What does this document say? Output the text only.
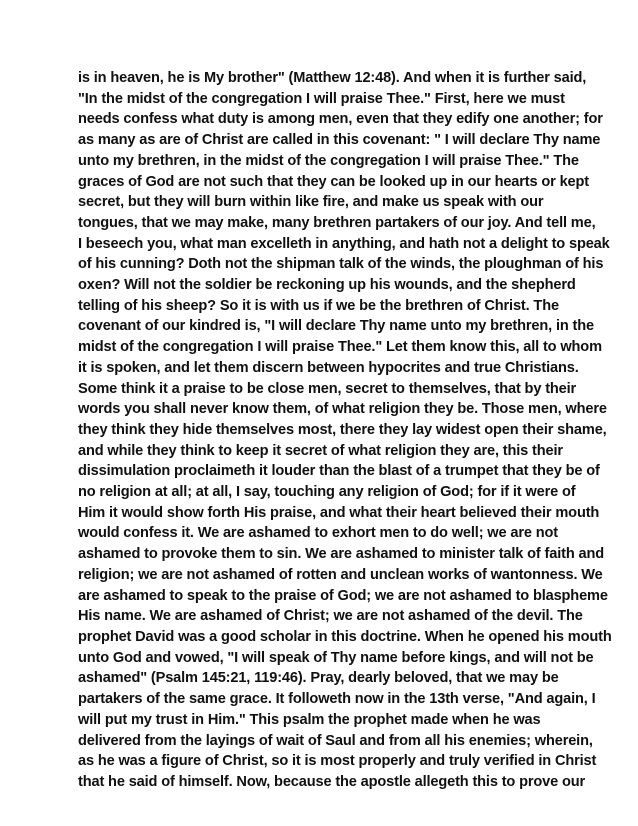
is in heaven, he is My brother" (Matthew 12:48). And when it is further said,
"In the midst of the congregation I will praise Thee." First, here we must
needs confess what duty is among men, even that they edify one another; for
as many as are of Christ are called in this covenant: " I will declare Thy name
unto my brethren, in the midst of the congregation I will praise Thee." The
graces of God are not such that they can be looked up in our hearts or kept
secret, but they will burn within like fire, and make us speak with our
tongues, that we may make, many brethren partakers of our joy. And tell me,
I beseech you, what man excelleth in anything, and hath not a delight to speak
of his cunning? Doth not the shipman talk of the winds, the ploughman of his
oxen? Will not the soldier be reckoning up his wounds, and the shepherd
telling of his sheep? So it is with us if we be the brethren of Christ. The
covenant of our kindred is, "I will declare Thy name unto my brethren, in the
midst of the congregation I will praise Thee." Let them know this, all to whom
it is spoken, and let them discern between hypocrites and true Christians.
Some think it a praise to be close men, secret to themselves, that by their
words you shall never know them, of what religion they be. Those men, where
they think they hide themselves most, there they lay widest open their shame,
and while they think to keep it secret of what religion they are, this their
dissimulation proclaimeth it louder than the blast of a trumpet that they be of
no religion at all; at all, I say, touching any religion of God; for if it were of
Him it would show forth His praise, and what their heart believed their mouth
would confess it. We are ashamed to exhort men to do well; we are not
ashamed to provoke them to sin. We are ashamed to minister talk of faith and
religion; we are not ashamed of rotten and unclean works of wantonness. We
are ashamed to speak to the praise of God; we are not ashamed to blaspheme
His name. We are ashamed of Christ; we are not ashamed of the devil. The
prophet David was a good scholar in this doctrine. When he opened his mouth
unto God and vowed, "I will speak of Thy name before kings, and will not be
ashamed" (Psalm 145:21, 119:46). Pray, dearly beloved, that we may be
partakers of the same grace. It followeth now in the 13th verse, "And again, I
will put my trust in Him." This psalm the prophet made when he was
delivered from the layings of wait of Saul and from all his enemies; wherein,
as he was a figure of Christ, so it is most properly and truly verified in Christ
that he said of himself. Now, because the apostle allegeth this to prove our
